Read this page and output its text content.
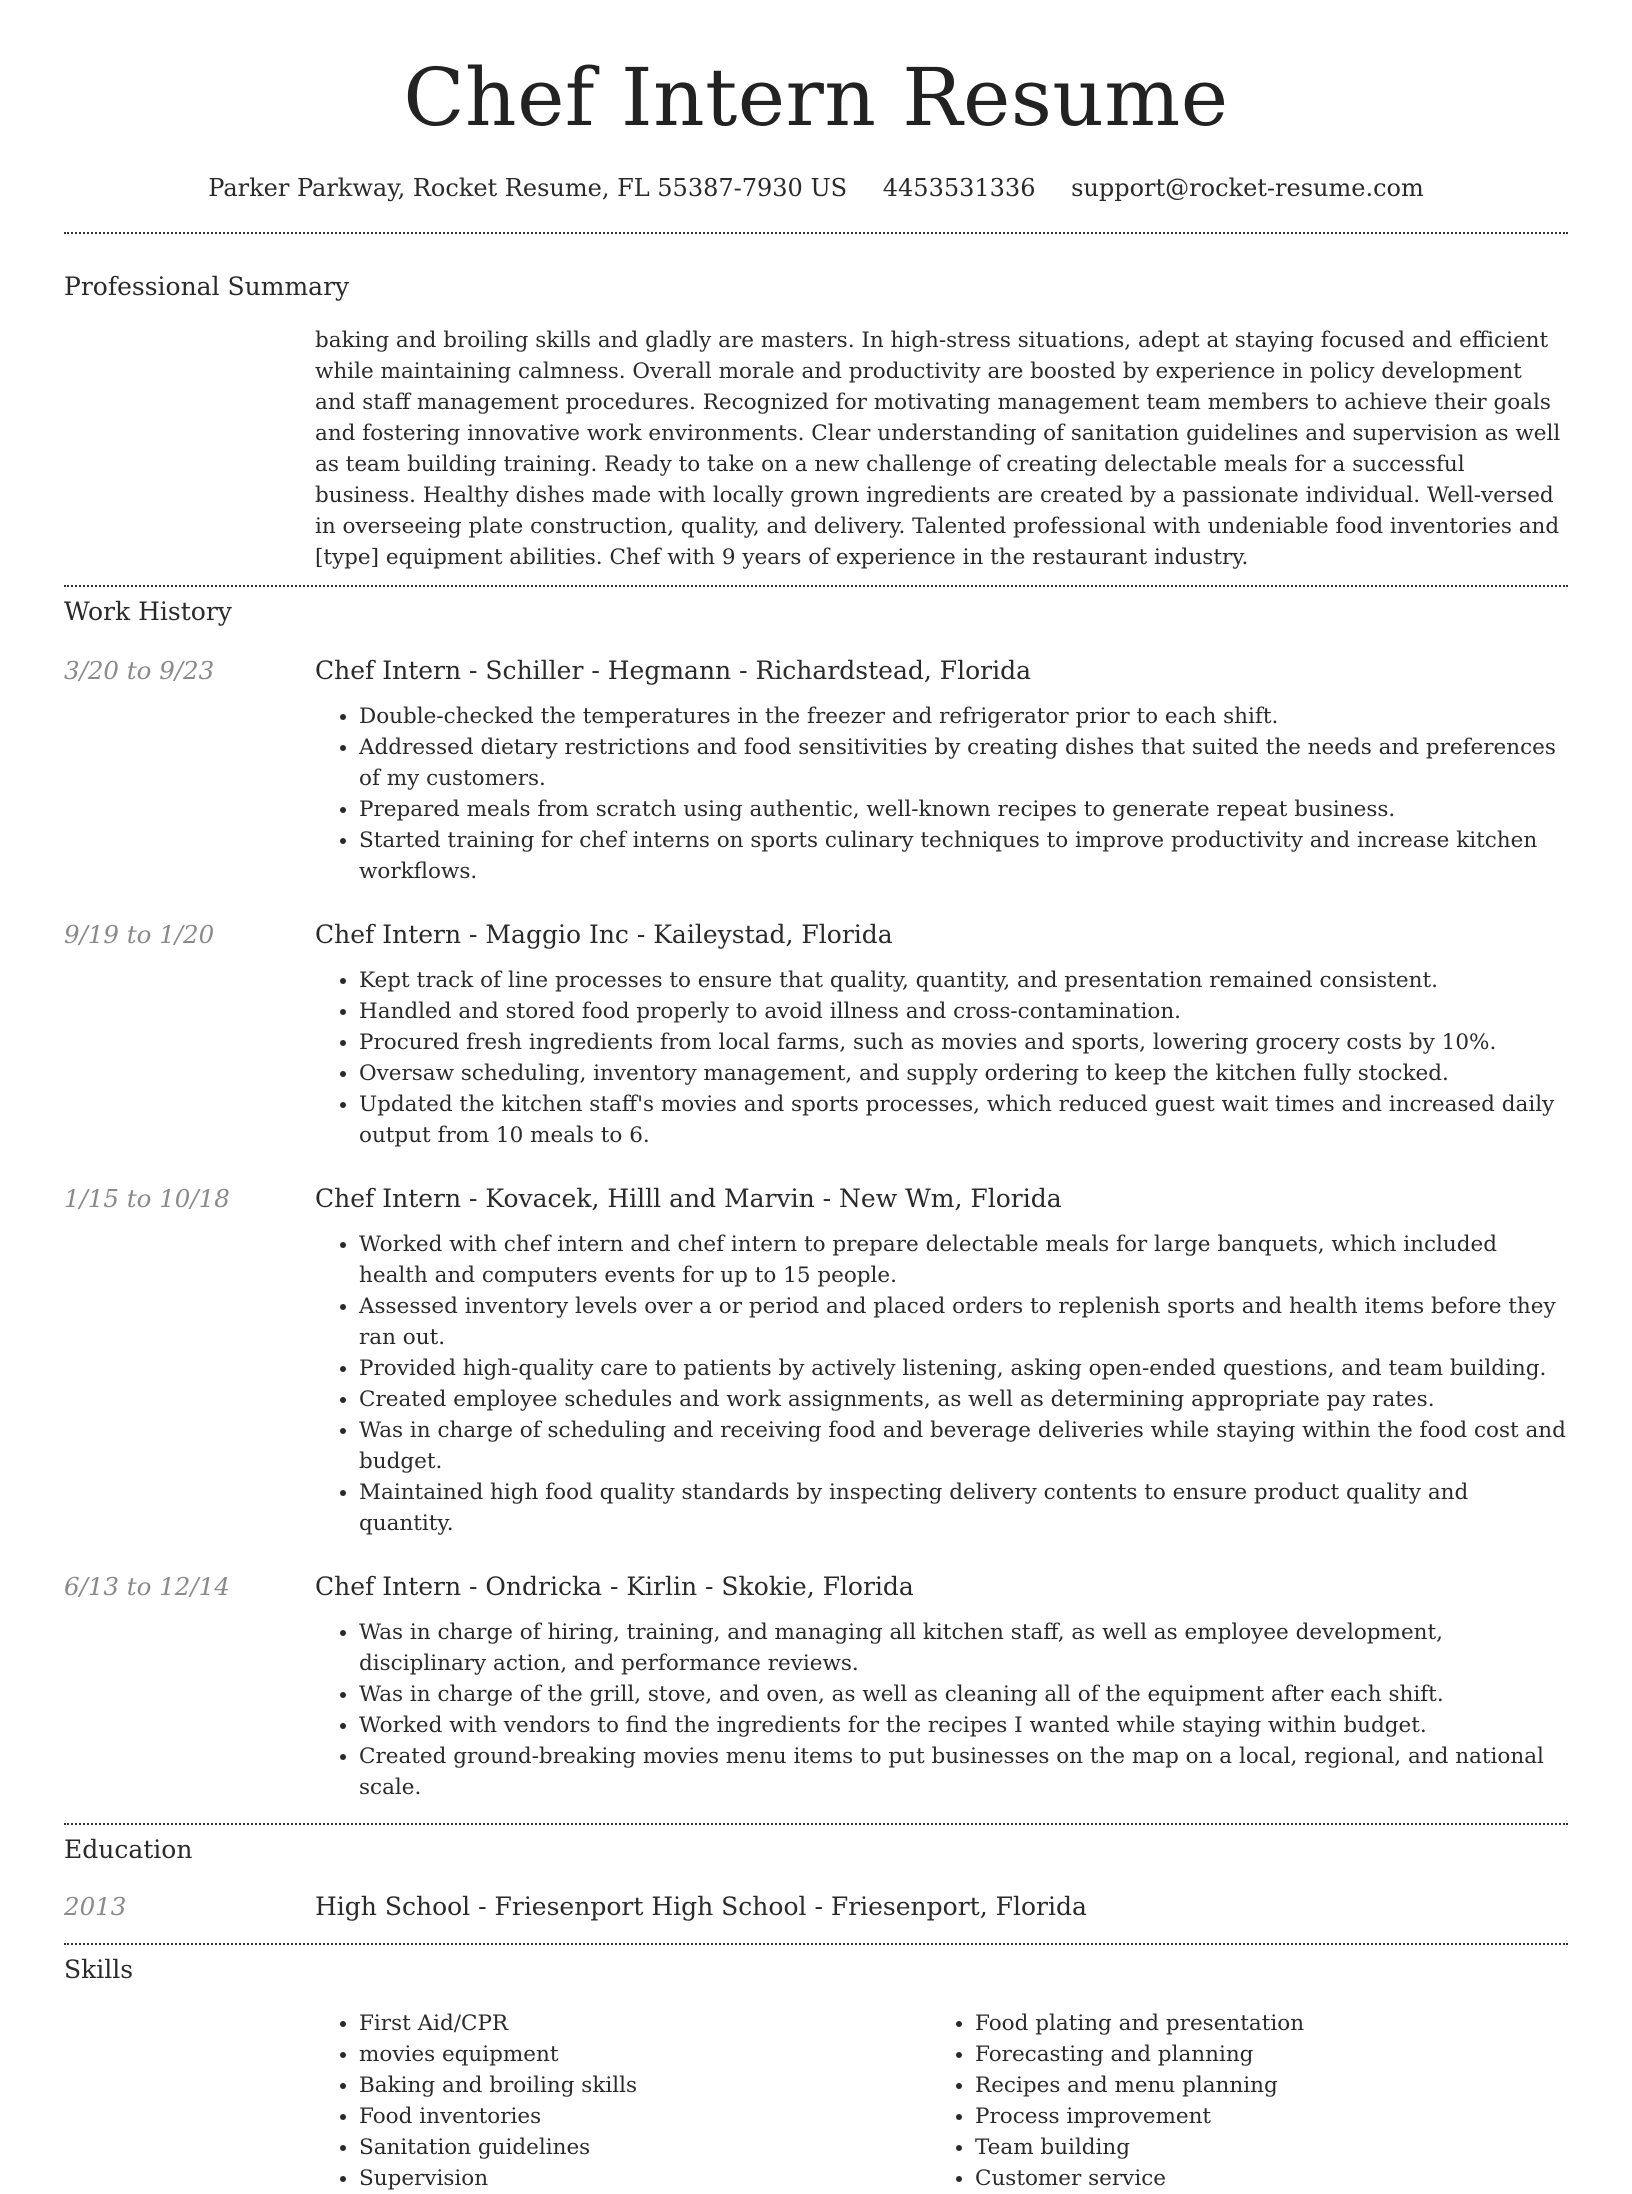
Chef Intern Resume
Parker Parkway, Rocket Resume, FL 55387-7930 US 4453531336 support@rocket-resume.com
Professional Summary
baking and broiling skills and gladly are masters. In high-stress situations, adept at staying focused and efficient while maintaining calmness. Overall morale and productivity are boosted by experience in policy development and staff management procedures. Recognized for motivating management team members to achieve their goals and fostering innovative work environments. Clear understanding of sanitation guidelines and supervision as well as team building training. Ready to take on a new challenge of creating delectable meals for a successful business. Healthy dishes made with locally grown ingredients are created by a passionate individual. Well-versed in overseeing plate construction, quality, and delivery. Talented professional with undeniable food inventories and [type] equipment abilities. Chef with 9 years of experience in the restaurant industry.
Work History
3/20 to 9/23	Chef Intern - Schiller - Hegmann - Richardstead, Florida
• Double-checked the temperatures in the freezer and refrigerator prior to each shift.
• Addressed dietary restrictions and food sensitivities by creating dishes that suited the needs and preferences of my customers.
• Prepared meals from scratch using authentic, well-known recipes to generate repeat business.
• Started training for chef interns on sports culinary techniques to improve productivity and increase kitchen workflows.
9/19 to 1/20	Chef Intern - Maggio Inc - Kaileystad, Florida
• Kept track of line processes to ensure that quality, quantity, and presentation remained consistent.
• Handled and stored food properly to avoid illness and cross-contamination.
• Procured fresh ingredients from local farms, such as movies and sports, lowering grocery costs by 10%.
• Oversaw scheduling, inventory management, and supply ordering to keep the kitchen fully stocked.
• Updated the kitchen staff's movies and sports processes, which reduced guest wait times and increased daily output from 10 meals to 6.
1/15 to 10/18	Chef Intern - Kovacek, Hilll and Marvin - New Wm, Florida
• Worked with chef intern and chef intern to prepare delectable meals for large banquets, which included health and computers events for up to 15 people.
• Assessed inventory levels over a or period and placed orders to replenish sports and health items before they ran out.
• Provided high-quality care to patients by actively listening, asking open-ended questions, and team building.
• Created employee schedules and work assignments, as well as determining appropriate pay rates.
• Was in charge of scheduling and receiving food and beverage deliveries while staying within the food cost and budget.
• Maintained high food quality standards by inspecting delivery contents to ensure product quality and quantity.
6/13 to 12/14	Chef Intern - Ondricka - Kirlin - Skokie, Florida
• Was in charge of hiring, training, and managing all kitchen staff, as well as employee development, disciplinary action, and performance reviews.
• Was in charge of the grill, stove, and oven, as well as cleaning all of the equipment after each shift.
• Worked with vendors to find the ingredients for the recipes I wanted while staying within budget.
• Created ground-breaking movies menu items to put businesses on the map on a local, regional, and national scale.
Education
2013	High School - Friesenport High School - Friesenport, Florida
Skills
• First Aid/CPR
• movies equipment
• Baking and broiling skills
• Food inventories
• Sanitation guidelines
• Supervision
• Food plating and presentation
• Forecasting and planning
• Recipes and menu planning
• Process improvement
• Team building
• Customer service
